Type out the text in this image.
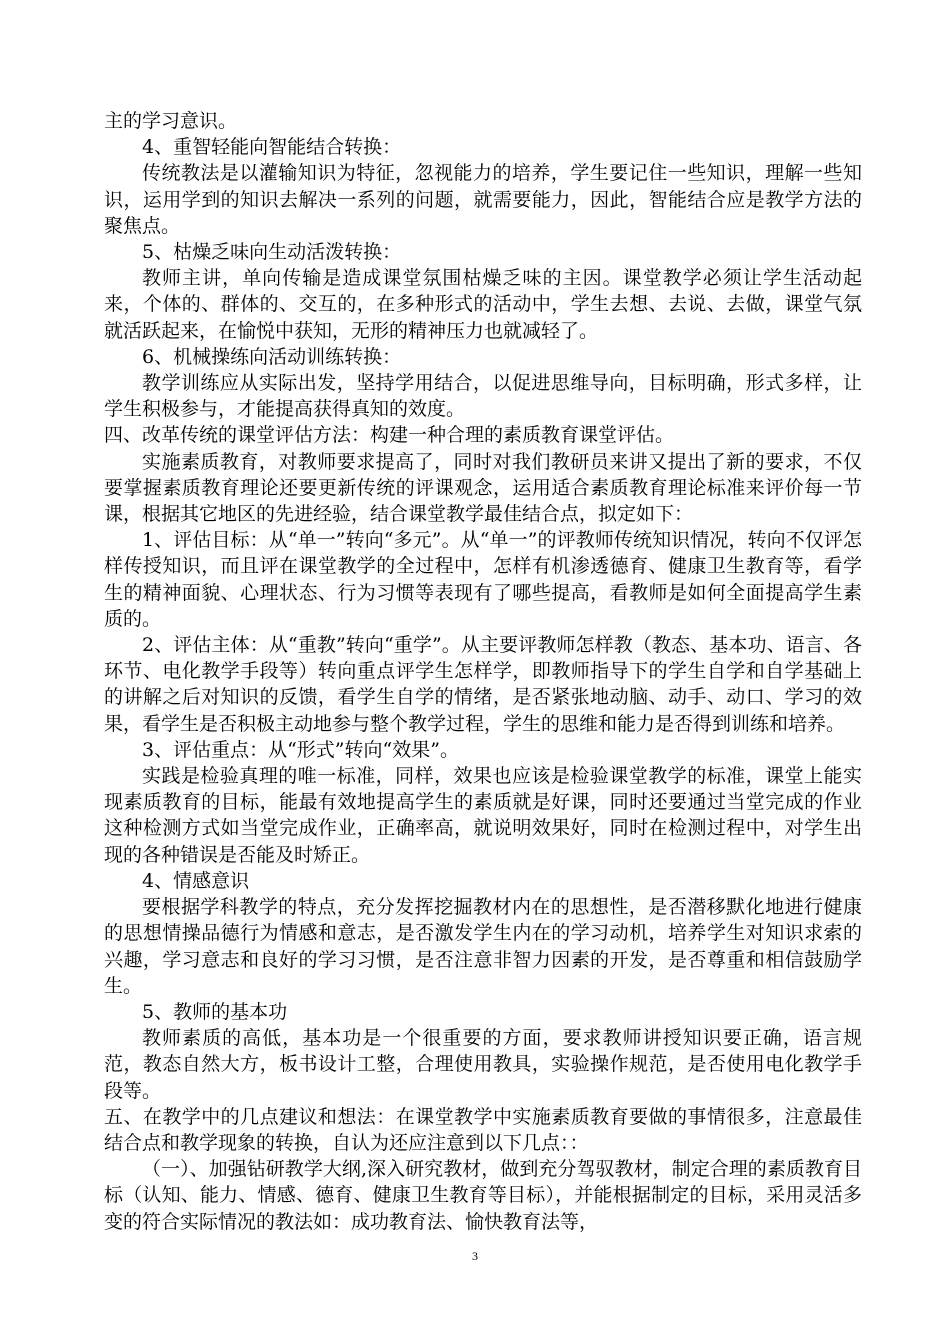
主的学习意识。

4、重智轻能向智能结合转换：

传统教法是以灌输知识为特征，忽视能力的培养，学生要记住一些知识，理解一些知识，运用学到的知识去解决一系列的问题，就需要能力，因此，智能结合应是教学方法的聚焦点。

5、枯燥乏味向生动活泼转换：

教师主讲，单向传输是造成课堂氛围枯燥乏味的主因。课堂教学必须让学生活动起来，个体的、群体的、交互的，在多种形式的活动中，学生去想、去说、去做，课堂气氛就活跃起来，在愉悦中获知，无形的精神压力也就减轻了。

6、机械操练向活动训练转换：

教学训练应从实际出发，坚持学用结合，以促进思维导向，目标明确，形式多样，让学生积极参与，才能提高获得真知的效度。

四、改革传统的课堂评估方法：构建一种合理的素质教育课堂评估。

实施素质教育，对教师要求提高了，同时对我们教研员来讲又提出了新的要求，不仅要掌握素质教育理论还要更新传统的评课观念，运用适合素质教育理论标准来评价每一节课，根据其它地区的先进经验，结合课堂教学最佳结合点，拟定如下：

1、评估目标：从“单一”转向“多元”。从“单一”的评教师传统知识情况，转向不仅评怎样传授知识，而且评在课堂教学的全过程中，怎样有机渗透德育、健康卫生教育等，看学生的精神面貌、心理状态、行为习惯等表现有了哪些提高，看教师是如何全面提高学生素质的。

2、评估主体：从“重教”转向“重学”。从主要评教师怎样教（教态、基本功、语言、各环节、电化教学手段等）转向重点评学生怎样学，即教师指导下的学生自学和自学基础上的讲解之后对知识的反馈，看学生自学的情绪，是否紧张地动脑、动手、动口、学习的效果，看学生是否积极主动地参与整个教学过程，学生的思维和能力是否得到训练和培养。

3、评估重点：从“形式”转向“效果”。

实践是检验真理的唯一标准，同样，效果也应该是检验课堂教学的标准，课堂上能实现素质教育的目标，能最有效地提高学生的素质就是好课，同时还要通过当堂完成的作业这种检测方式如当堂完成作业，正确率高，就说明效果好，同时在检测过程中，对学生出现的各种错误是否能及时矫正。

4、情感意识

要根据学科教学的特点，充分发挥挖掘教材内在的思想性，是否潜移默化地进行健康的思想情操品德行为情感和意志，是否激发学生内在的学习动机，培养学生对知识求索的兴趣，学习意志和良好的学习习惯，是否注意非智力因素的开发，是否尊重和相信鼓励学生。

5、教师的基本功

教师素质的高低，基本功是一个很重要的方面，要求教师讲授知识要正确，语言规范，教态自然大方，板书设计工整，合理使用教具，实验操作规范，是否使用电化教学手段等。

五、在教学中的几点建议和想法：在课堂教学中实施素质教育要做的事情很多，注意最佳结合点和教学现象的转换，自认为还应注意到以下几点：：

（一）、加强钻研教学大纲,深入研究教材，做到充分驾驭教材，制定合理的素质教育目标（认知、能力、情感、德育、健康卫生教育等目标），并能根据制定的目标，采用灵活多变的符合实际情况的教法如：成功教育法、愉快教育法等，

3
